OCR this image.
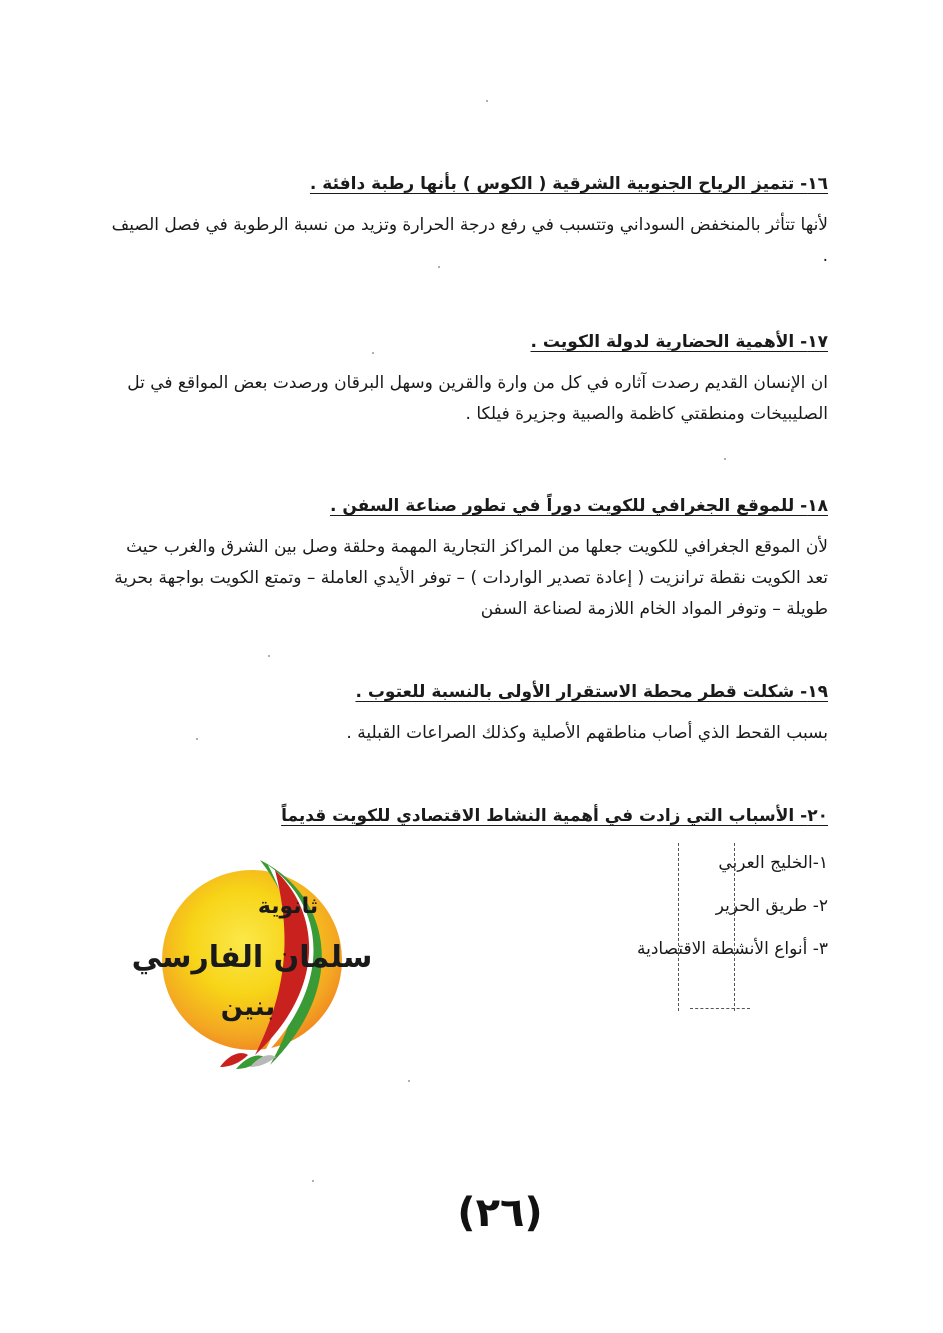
١٦- تتميز الرياح الجنوبية الشرقية ( الكوس ) بأنها رطبة دافئة .

لأنها تتأثر بالمنخفض السوداني وتتسبب في رفع درجة الحرارة وتزيد من نسبة الرطوبة في فصل الصيف .

١٧- الأهمية الحضارية لدولة الكويت .

ان الإنسان القديم رصدت آثاره في كل من وارة والقرين وسهل البرقان ورصدت بعض المواقع في تل الصليبيخات ومنطقتي كاظمة والصبية وجزيرة فيلكا .

١٨- للموقع الجغرافي للكويت دوراً في تطور صناعة السفن .

لأن الموقع الجغرافي للكويت جعلها من المراكز التجارية المهمة وحلقة وصل بين الشرق والغرب حيث تعد الكويت نقطة ترانزيت ( إعادة تصدير الواردات ) – توفر الأيدي العاملة – وتمتع الكويت بواجهة بحرية طويلة – وتوفر المواد الخام اللازمة لصناعة السفن

١٩- شكلت قطر محطة الاستقرار الأولى بالنسبة للعتوب .

بسبب القحط الذي أصاب مناطقهم الأصلية وكذلك الصراعات القبلية .

٢٠- الأسباب التي زادت في أهمية النشاط الاقتصادي للكويت قديماً

١-الخليج العربي
٢- طريق الحرير
٣- أنواع الأنشطة الاقتصادية
ثانوية
سلمان الفارسي
بنين
(٢٦)
